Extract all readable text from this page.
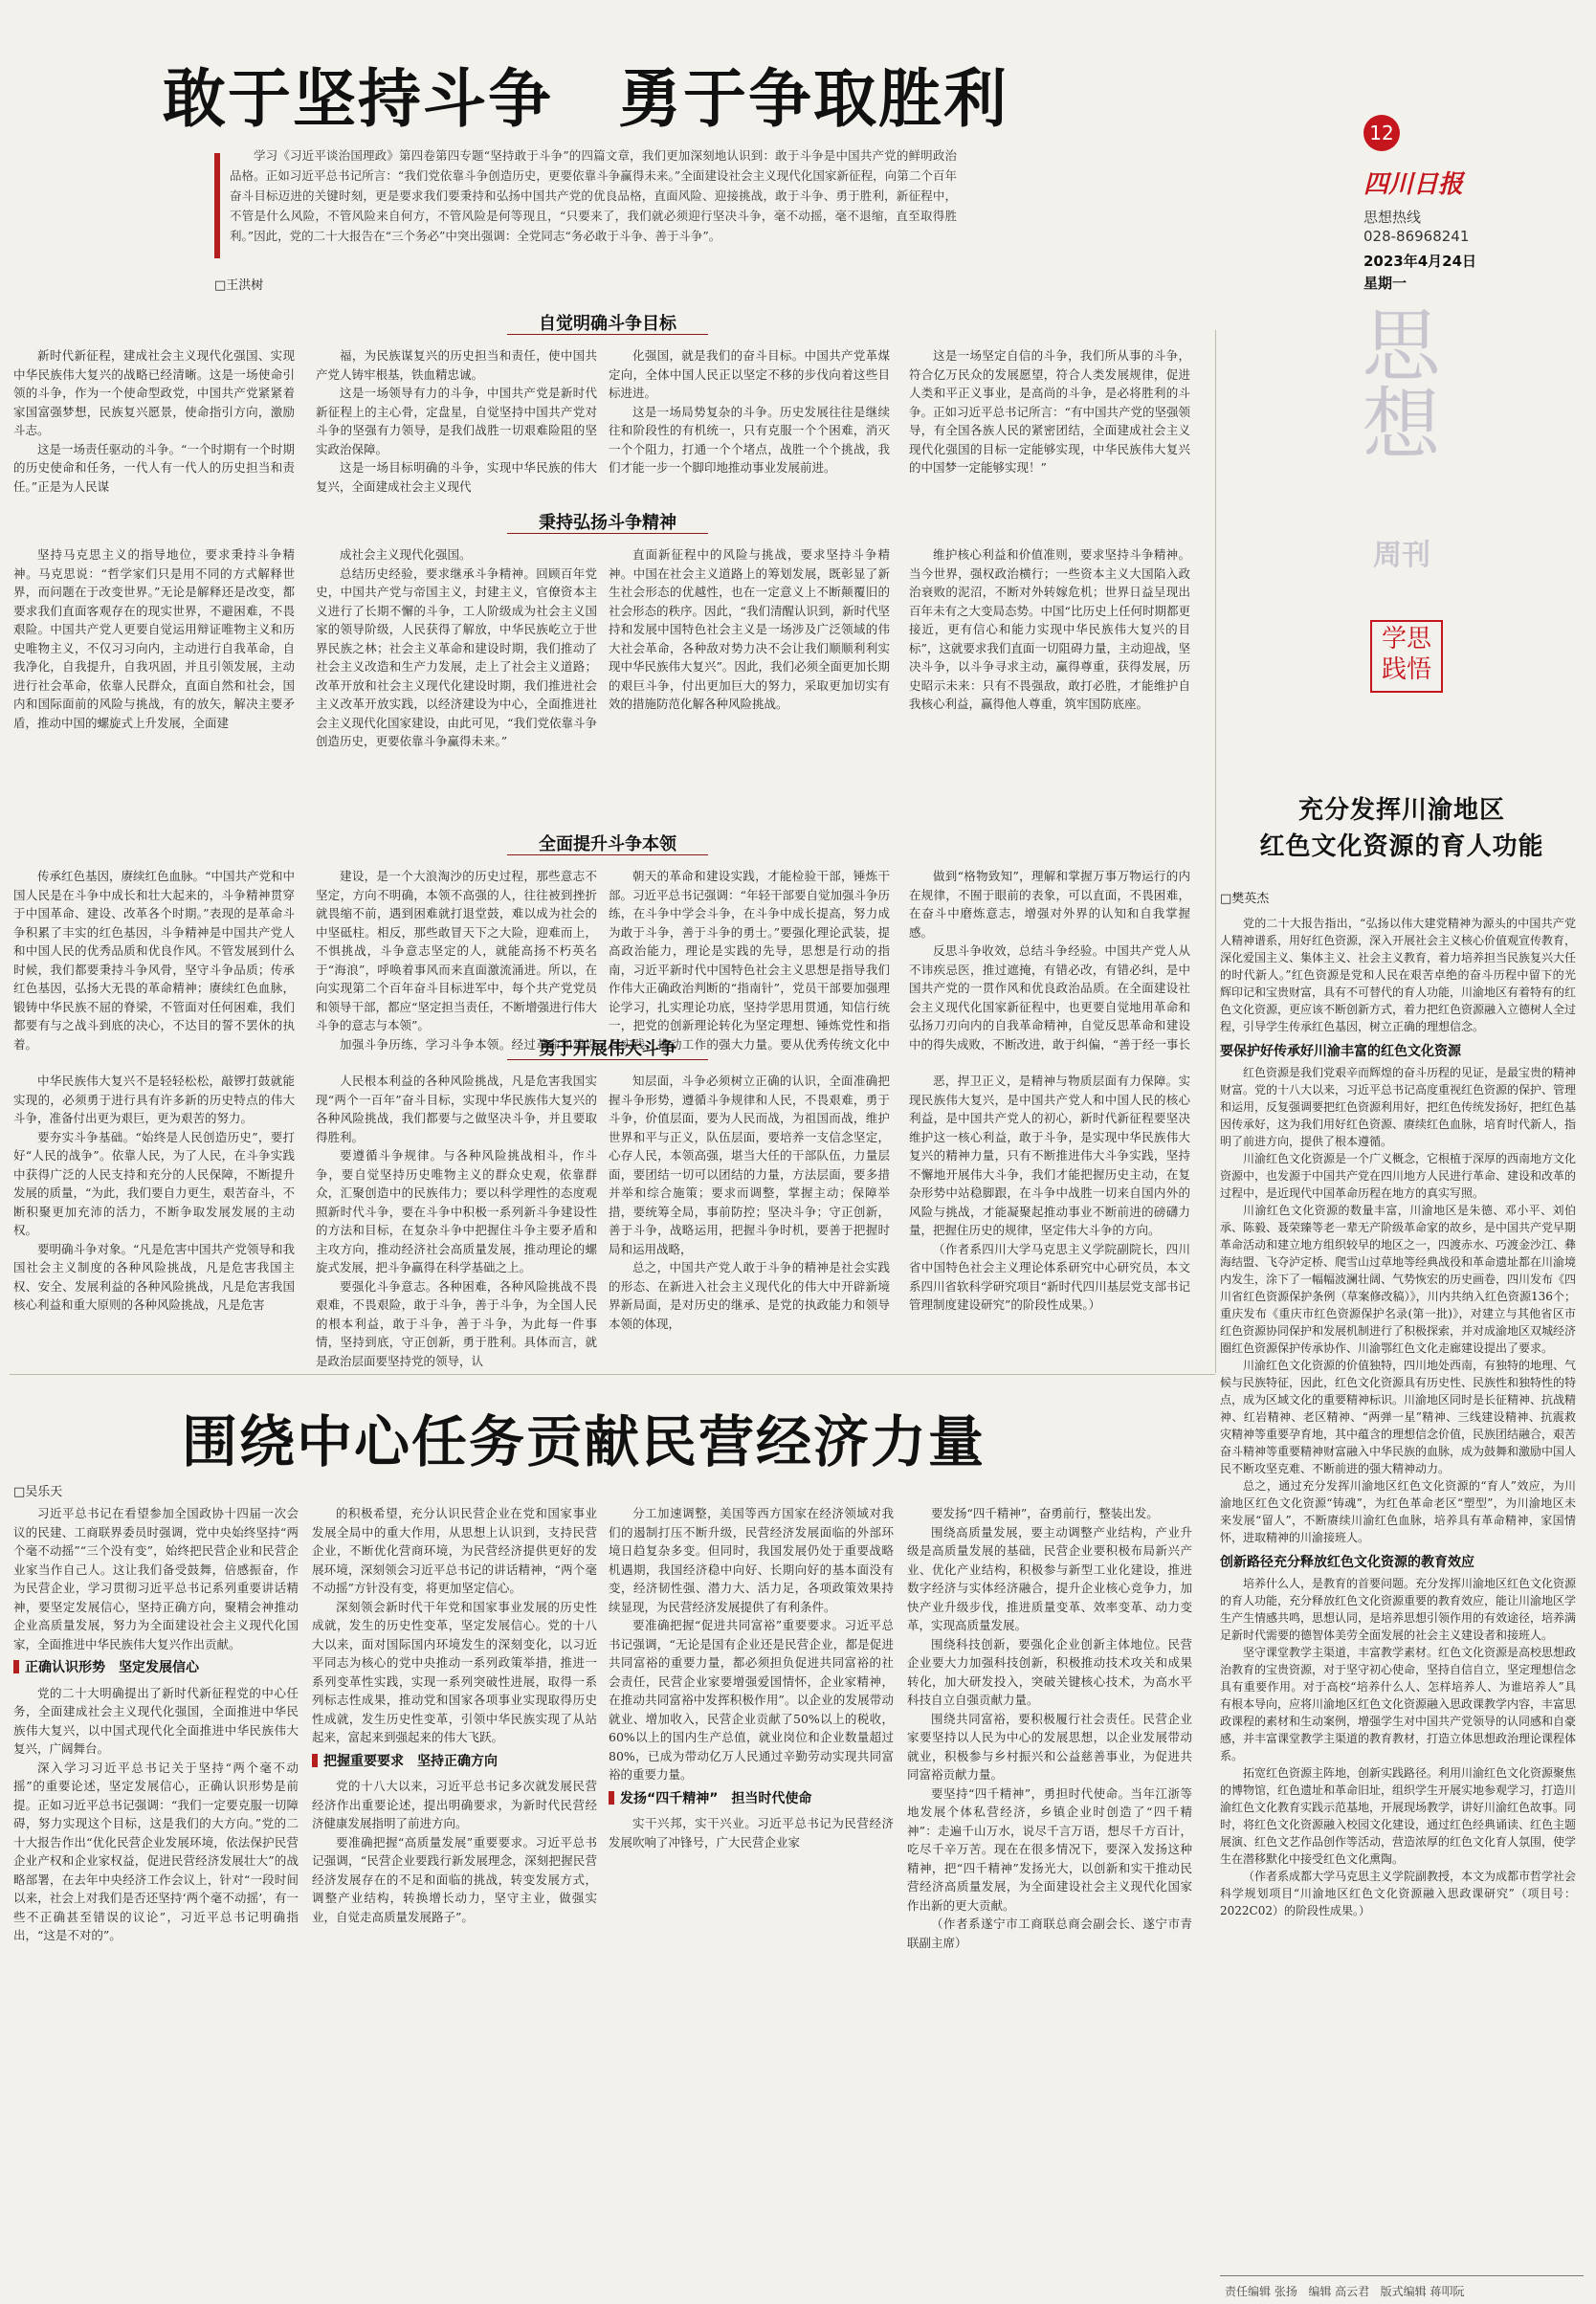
12
四川日报
思想热线
028-86968241
2023年4月24日
星期一
思想
周刊
学思践悟
敢于坚持斗争　勇于争取胜利
学习《习近平谈治国理政》第四卷第四专题“坚持敢于斗争”的四篇文章，我们更加深刻地认识到：敢于斗争是中国共产党的鲜明政治品格。正如习近平总书记所言：“我们党依靠斗争创造历史，更要依靠斗争赢得未来。”全面建设社会主义现代化国家新征程，向第二个百年奋斗目标迈进的关键时刻，更是要求我们要秉持和弘扬中国共产党的优良品格，直面风险、迎接挑战，敢于斗争、勇于胜利，新征程中，不管是什么风险，不管风险来自何方，不管风险是何等现且，“只要来了，我们就必须迎行坚决斗争，毫不动摇，毫不退缩，直至取得胜利。”因此，党的二十大报告在“三个务必”中突出强调：全党同志“务必敢于斗争、善于斗争”。
□王洪树
自觉明确斗争目标

新时代新征程，建成社会主义现代化强国、实现中华民族伟大复兴的战略已经清晰。这是一场使命引领的斗争，作为一个使命型政党，中国共产党紧紧着家国富强梦想，民族复兴愿景，使命指引方向，激励斗志。

这是一场责任驱动的斗争。“一个时期有一个时期的历史使命和任务，一代人有一代人的历史担当和责任。”正是为人民谋

福，为民族谋复兴的历史担当和责任，使中国共产党人铸牢根基，铁血精忠诚。

这是一场领导有力的斗争，中国共产党是新时代新征程上的主心骨，定盘星，自觉坚持中国共产党对斗争的坚强有力领导，是我们战胜一切艰难险阻的坚实政治保障。

这是一场目标明确的斗争，实现中华民族的伟大复兴，全面建成社会主义现代

化强国，就是我们的奋斗目标。中国共产党革煤定向，全体中国人民正以坚定不移的步伐向着这些目标进进。

这是一场局势复杂的斗争。历史发展往往是继续往和阶段性的有机统一，只有克服一个个困难，消灭一个个阻力，打通一个个堵点，战胜一个个挑战，我们才能一步一个脚印地推动事业发展前进。

这是一场坚定自信的斗争，我们所从事的斗争，符合亿万民众的发展愿望，符合人类发展规律，促进人类和平正义事业，是高尚的斗争，是必将胜利的斗争。正如习近平总书记所言：“有中国共产党的坚强领导，有全国各族人民的紧密团结，全面建成社会主义现代化强国的目标一定能够实现，中华民族伟大复兴的中国梦一定能够实现！”

秉持弘扬斗争精神

坚持马克思主义的指导地位，要求秉持斗争精神。马克思说：“哲学家们只是用不同的方式解释世界，而问题在于改变世界。”无论是解释还是改变，都要求我们直面客观存在的现实世界，不避困难，不畏艰险。中国共产党人更要自觉运用辩证唯物主义和历史唯物主义，不仅习习向内，主动进行自我革命，自我净化，自我提升，自我巩固，并且引领发展，主动进行社会革命，依靠人民群众，直面自然和社会，国内和国际面前的风险与挑战，有的放矢，解决主要矛盾，推动中国的螺旋式上升发展，全面建

成社会主义现代化强国。

总结历史经验，要求继承斗争精神。回顾百年党史，中国共产党与帝国主义，封建主义，官僚资本主义进行了长期不懈的斗争，工人阶级成为社会主义国家的领导阶级，人民获得了解放，中华民族屹立于世界民族之林；社会主义革命和建设时期，我们推动了社会主义改造和生产力发展，走上了社会主义道路；改革开放和社会主义现代化建设时期，我们推进社会主义改革开放实践，以经济建设为中心，全面推进社会主义现代化国家建设，由此可见，“我们党依靠斗争创造历史，更要依靠斗争赢得未来。”

直面新征程中的风险与挑战，要求坚持斗争精神。中国在社会主义道路上的筹划发展，既彰显了新生社会形态的优越性，也在一定意义上不断颠覆旧的社会形态的秩序。因此，“我们清醒认识到，新时代坚持和发展中国特色社会主义是一场涉及广泛领域的伟大社会革命，各种敌对势力决不会让我们顺顺利利实现中华民族伟大复兴”。因此，我们必须全面更加长期的艰巨斗争，付出更加巨大的努力，采取更加切实有效的措施防范化解各种风险挑战。

维护核心利益和价值准则，要求坚持斗争精神。当今世界，强权政治横行；一些资本主义大国陷入政治衰败的泥沼，不断对外转嫁危机；世界日益呈现出百年未有之大变局态势。中国“比历史上任何时期都更接近，更有信心和能力实现中华民族伟大复兴的目标”，这就要求我们直面一切阻碍力量，主动迎战，坚决斗争，以斗争寻求主动，赢得尊重，获得发展，历史昭示未来：只有不畏强敌，敢打必胜，才能维护自我核心利益，赢得他人尊重，筑牢国防底座。

全面提升斗争本领

传承红色基因，赓续红色血脉。“中国共产党和中国人民是在斗争中成长和壮大起来的，斗争精神贯穿于中国革命、建设、改革各个时期。”表现的是革命斗争积累了丰实的红色基因，斗争精神是中国共产党人和中国人民的优秀品质和优良作风。不管发展到什么时候，我们都要秉持斗争风骨，坚守斗争品质；传承红色基因，弘扬大无畏的革命精神；赓续红色血脉，锻铸中华民族不屈的脊梁，不管面对任何困难，我们都要有与之战斗到底的决心，不达目的誓不罢休的执着。

建设，是一个大浪淘沙的历史过程，那些意志不坚定，方向不明确，本领不高强的人，往往被到挫折就畏缩不前，遇到困难就打退堂鼓，难以成为社会的中坚砥柱。相反，那些敢冒天下之大险，迎难而上，不惧挑战，斗争意志坚定的人，就能高扬不朽英名于“海浪”，呼唤着事风而来直面激流涌进。所以，在向实现第二个百年奋斗目标进军中，每个共产党党员和领导干部，都应“坚定担当责任，不断增强进行伟大斗争的意志与本领”。

加强斗争历练，学习斗争本领。经过革命和建设

朝天的革命和建设实践，才能检验干部，锤炼干部。习近平总书记强调：“年轻干部要自觉加强斗争历练，在斗争中学会斗争，在斗争中成长提高，努力成为敢于斗争，善于斗争的勇士。”要强化理论武装，提高政治能力，理论是实践的先导，思想是行动的指南，习近平新时代中国特色社会主义思想是指导我们作伟大正确政治判断的“指南针”，党员干部要加强理论学习，扎实理论功底，坚持学思用贯通，知信行统一，把党的创新理论转化为坚定理想、锤炼党性和指导实践，推动工作的强大力量。要从优秀传统文化中

做到“格物致知”，理解和掌握万事万物运行的内在规律，不囿于眼前的表象，可以直面，不畏困难，在奋斗中磨炼意志，增强对外界的认知和自我掌握感。

反思斗争收效，总结斗争经验。中国共产党人从不讳疾忌医，推过遮掩，有错必改，有错必纠，是中国共产党的一贯作风和优良政治品质。在全面建设社会主义现代化国家新征程中，也更要自觉地用革命和弘扬刀刃向内的自我革命精神，自觉反思革命和建设中的得失成败，不断改进，敢于纠偏，“善于经一事长

勇于开展伟大斗争

中华民族伟大复兴不是轻轻松松，敲锣打鼓就能实现的，必须勇于进行具有许多新的历史特点的伟大斗争，准备付出更为艰巨，更为艰苦的努力。

要夯实斗争基础。“始终是人民创造历史”，要打好“人民的战争”。依靠人民，为了人民，在斗争实践中获得广泛的人民支持和充分的人民保障，不断提升发展的质量，“为此，我们要自力更生，艰苦奋斗，不断积聚更加充沛的活力，不断争取发展发展的主动权。

要明确斗争对象。“凡是危害中国共产党领导和我国社会主义制度的各种风险挑战，凡是危害我国主权、安全、发展利益的各种风险挑战，凡是危害我国核心利益和重大原则的各种风险挑战，凡是危害

人民根本利益的各种风险挑战，凡是危害我国实现“两个一百年”奋斗目标，实现中华民族伟大复兴的各种风险挑战，我们都要与之做坚决斗争，并且要取得胜利。

要遵循斗争规律。与各种风险挑战相斗，作斗争，要自觉坚持历史唯物主义的群众史观，依靠群众，汇聚创造中的民族伟力；要以科学理性的态度观照新时代斗争，要在斗争中积极一系列新斗争建设性的方法和目标，在复杂斗争中把握住斗争主要矛盾和主攻方向，推动经济社会高质量发展，推动理论的螺旋式发展，把斗争赢得在科学基础之上。

要强化斗争意志。各种困难，各种风险挑战不畏艰难，不畏艰险，敢于斗争，善于斗争，为全国人民的根本利益，敢于斗争，善于斗争，为此每一件事情，坚持到底，守正创新，勇于胜利。具体而言，就是政治层面要坚持党的领导，认

知层面，斗争必须树立正确的认识，全面准确把握斗争形势，遵循斗争规律和人民，不畏艰难，勇于斗争，价值层面，要为人民而战，为祖国而战，维护世界和平与正义，队伍层面，要培养一支信念坚定，心存人民，本领高强，堪当大任的干部队伍，力量层面，要团结一切可以团结的力量，方法层面，要多措并举和综合施策；要求而调整，掌握主动；保障举措，要统筹全局，事前防控；坚决斗争；守正创新，善于斗争，战略运用，把握斗争时机，要善于把握时局和运用战略，

总之，中国共产党人敢于斗争的精神是社会实践的形态、在新进入社会主义现代化的伟大中开辟新境界新局面，是对历史的继承、是党的执政能力和领导本领的体现，

恶，捍卫正义，是精神与物质层面有力保障。实现民族伟大复兴，是中国共产党人和中国人民的核心利益，是中国共产党人的初心，新时代新征程要坚决维护这一核心利益，敢于斗争，是实现中华民族伟大复兴的精神力量，只有不断推进伟大斗争实践，坚持不懈地开展伟大斗争，我们才能把握历史主动，在复杂形势中站稳脚跟，在斗争中战胜一切来自国内外的风险与挑战，才能凝聚起推动事业不断前进的磅礴力量，把握住历史的规律，坚定伟大斗争的方向。

（作者系四川大学马克思主义学院副院长，四川省中国特色社会主义理论体系研究中心研究员，本文系四川省软科学研究项目“新时代四川基层党支部书记管理制度建设研究”的阶段性成果。）

充分发挥川渝地区
红色文化资源的育人功能
□樊英杰

党的二十大报告指出，“弘扬以伟大建党精神为源头的中国共产党人精神谱系，用好红色资源，深入开展社会主义核心价值观宣传教育，深化爱国主义、集体主义、社会主义教育，着力培养担当民族复兴大任的时代新人。”红色资源是党和人民在艰苦卓绝的奋斗历程中留下的光辉印记和宝贵财富，具有不可替代的育人功能，川渝地区有着特有的红色文化资源，更应该不断创新方式，着力把红色资源融入立德树人全过程，引导学生传承红色基因，树立正确的理想信念。

要保护好传承好川渝丰富的红色文化资源

红色资源是我们党艰辛而辉煌的奋斗历程的见证，是最宝贵的精神财富。党的十八大以来，习近平总书记高度重视红色资源的保护、管理和运用，反复强调要把红色资源利用好，把红色传统发扬好，把红色基因传承好，这为我们用好红色资源、赓续红色血脉，培育时代新人，指明了前进方向，提供了根本遵循。

川渝红色文化资源是一个广义概念，它根植于深厚的西南地方文化资源中，也发源于中国共产党在四川地方人民进行革命、建设和改革的过程中，是近现代中国革命历程在地方的真实写照。

川渝红色文化资源的数量丰富，川渝地区是朱德、邓小平、刘伯承、陈毅、聂荣臻等老一辈无产阶级革命家的故乡，是中国共产党早期革命活动和建立地方组织较早的地区之一，四渡赤水、巧渡金沙江、彝海结盟、飞夺泸定桥、爬雪山过草地等经典战役和革命遗址都在川渝境内发生，涂下了一幅幅波澜壮阔、气势恢宏的历史画卷，四川发布《四川省红色资源保护条例（草案修改稿）》，川内共纳入红色资源136个；重庆发布《重庆市红色资源保护名录(第一批)》，对建立与其他省区市红色资源协同保护和发展机制进行了积极探索，并对成渝地区双城经济圈红色资源保护传承协作、川渝鄂红色文化走廊建设提出了要求。

川渝红色文化资源的价值独特，四川地处西南，有独特的地理、气候与民族特征，因此，红色文化资源具有历史性、民族性和独特性的特点，成为区域文化的重要精神标识。川渝地区同时是长征精神、抗战精神、红岩精神、老区精神、“两弹一星”精神、三线建设精神、抗震救灾精神等重要孕育地，其中蕴含的理想信念价值，民族团结融合，艰苦奋斗精神等重要精神财富融入中华民族的血脉，成为鼓舞和激励中国人民不断攻坚克难、不断前进的强大精神动力。

总之，通过充分发挥川渝地区红色文化资源的“育人”效应，为川渝地区红色文化资源“铸魂”，为红色革命老区“塑型”，为川渝地区未来发展“留人”，不断赓续川渝红色血脉，培养具有革命精神，家国情怀，进取精神的川渝接班人。

创新路径充分释放红色文化资源的教育效应

培养什么人，是教育的首要问题。充分发挥川渝地区红色文化资源的育人功能，充分释放红色文化资源重要的教育效应，能让川渝地区学生产生情感共鸣，思想认同，是培养思想引领作用的有效途径，培养满足新时代需要的德智体美劳全面发展的社会主义建设者和接班人。

坚守课堂教学主渠道，丰富教学素材。红色文化资源是高校思想政治教育的宝贵资源，对于坚守初心使命，坚持自信自立，坚定理想信念具有重要作用。对于高校“培养什么人、怎样培养人、为谁培养人”具有根本导向，应将川渝地区红色文化资源融入思政课教学内容，丰富思政课程的素材和生动案例，增强学生对中国共产党领导的认同感和自豪感，并丰富课堂教学主渠道的教育教材，打造立体思想政治理论课程体系。

拓宽红色资源主阵地，创新实践路径。利用川渝红色文化资源聚焦的博物馆，红色遗址和革命旧址，组织学生开展实地参观学习，打造川渝红色文化教育实践示范基地，开展现场教学，讲好川渝红色故事。同时，将红色文化资源融入校园文化建设，通过红色经典诵读、红色主题展演、红色文艺作品创作等活动，营造浓厚的红色文化育人氛围，使学生在潜移默化中接受红色文化熏陶。

（作者系成都大学马克思主义学院副教授，本文为成都市哲学社会科学规划项目“川渝地区红色文化资源融入思政课研究”（项目号：2022C02）的阶段性成果。）

围绕中心任务贡献民营经济力量
□吴乐天

习近平总书记在看望参加全国政协十四届一次会议的民建、工商联界委员时强调，党中央始终坚持“两个毫不动摇”“三个没有变”，始终把民营企业和民营企业家当作自己人。这让我们备受鼓舞，倍感振奋，作为民营企业，学习贯彻习近平总书记系列重要讲话精神，要坚定发展信心，坚持正确方向，聚精会神推动企业高质量发展，努力为全面建设社会主义现代化国家，全面推进中华民族伟大复兴作出贡献。

正确认识形势　坚定发展信心

党的二十大明确提出了新时代新征程党的中心任务，全面建成社会主义现代化强国，全面推进中华民族伟大复兴，以中国式现代化全面推进中华民族伟大复兴，广阔舞台。

深入学习习近平总书记关于坚持“两个毫不动摇”的重要论述，坚定发展信心，正确认识形势是前提。正如习近平总书记强调：“我们一定要克服一切障碍，努力实现这个目标，这是我们的大方向。”党的二十大报告作出“优化民营企业发展环境，依法保护民营企业产权和企业家权益，促进民营经济发展壮大”的战略部署，在去年中央经济工作会议上，针对“一段时间以来，社会上对我们是否还坚持‘两个毫不动摇’，有一些不正确甚至错误的议论”，习近平总书记明确指出，“这是不对的”。

的积极希望，充分认识民营企业在党和国家事业发展全局中的重大作用，从思想上认识到，支持民营企业，不断优化营商环境，为民营经济提供更好的发展环境，深刻领会习近平总书记的讲话精神，“两个毫不动摇”方针没有变，将更加坚定信心。

深刻领会新时代干年党和国家事业发展的历史性成就，发生的历史性变革，坚定发展信心。党的十八大以来，面对国际国内环境发生的深刻变化，以习近平同志为核心的党中央推动一系列政策举措，推进一系列变革性实践，实现一系列突破性进展，取得一系列标志性成果，推动党和国家各项事业实现取得历史性成就，发生历史性变革，引领中华民族实现了从站起来，富起来到强起来的伟大飞跃。

把握重要要求　坚持正确方向

党的十八大以来，习近平总书记多次就发展民营经济作出重要论述，提出明确要求，为新时代民营经济健康发展指明了前进方向。

要准确把握“高质量发展”重要要求。习近平总书记强调，“民营企业要践行新发展理念，深刻把握民营经济发展存在的不足和面临的挑战，转变发展方式，调整产业结构，转换增长动力，坚守主业，做强实业，自觉走高质量发展路子”。

分工加速调整，美国等西方国家在经济领域对我们的遏制打压不断升级，民营经济发展面临的外部环境日趋复杂多变。但同时，我国发展仍处于重要战略机遇期，我国经济稳中向好、长期向好的基本面没有变，经济韧性强、潜力大、活力足，各项政策效果持续显现，为民营经济发展提供了有利条件。

要准确把握“促进共同富裕”重要要求。习近平总书记强调，“无论是国有企业还是民营企业，都是促进共同富裕的重要力量，都必须担负促进共同富裕的社会责任，民营企业家要增强爱国情怀，企业家精神，在推动共同富裕中发挥积极作用”。以企业的发展带动就业、增加收入，民营企业贡献了50%以上的税收，60%以上的国内生产总值，就业岗位和企业数量超过80%，已成为带动亿万人民通过辛勤劳动实现共同富裕的重要力量。

发扬“四千精神”　担当时代使命

实干兴邦，实干兴业。习近平总书记为民营经济发展吹响了冲锋号，广大民营企业家

要发扬“四千精神”，奋勇前行，整装出发。

围绕高质量发展，要主动调整产业结构，产业升级是高质量发展的基础，民营企业要积极布局新兴产业、优化产业结构，积极参与新型工业化建设，推进数字经济与实体经济融合，提升企业核心竞争力，加快产业升级步伐，推进质量变革、效率变革、动力变革，实现高质量发展。

围绕科技创新，要强化企业创新主体地位。民营企业要大力加强科技创新，积极推动技术攻关和成果转化，加大研发投入，突破关键核心技术，为高水平科技自立自强贡献力量。

围绕共同富裕，要积极履行社会责任。民营企业家要坚持以人民为中心的发展思想，以企业发展带动就业，积极参与乡村振兴和公益慈善事业，为促进共同富裕贡献力量。

要坚持“四千精神”，勇担时代使命。当年江浙等地发展个体私营经济，乡镇企业时创造了“四千精神”：走遍千山万水，说尽千言万语，想尽千方百计，吃尽千辛万苦。现在在很多情况下，要深入发扬这种精神，把“四千精神”发扬光大，以创新和实干推动民营经济高质量发展，为全面建设社会主义现代化国家作出新的更大贡献。

（作者系遂宁市工商联总商会副会长、遂宁市青联副主席）

责任编辑 张扬 编辑 高云君 版式编辑 蒋叩阮
